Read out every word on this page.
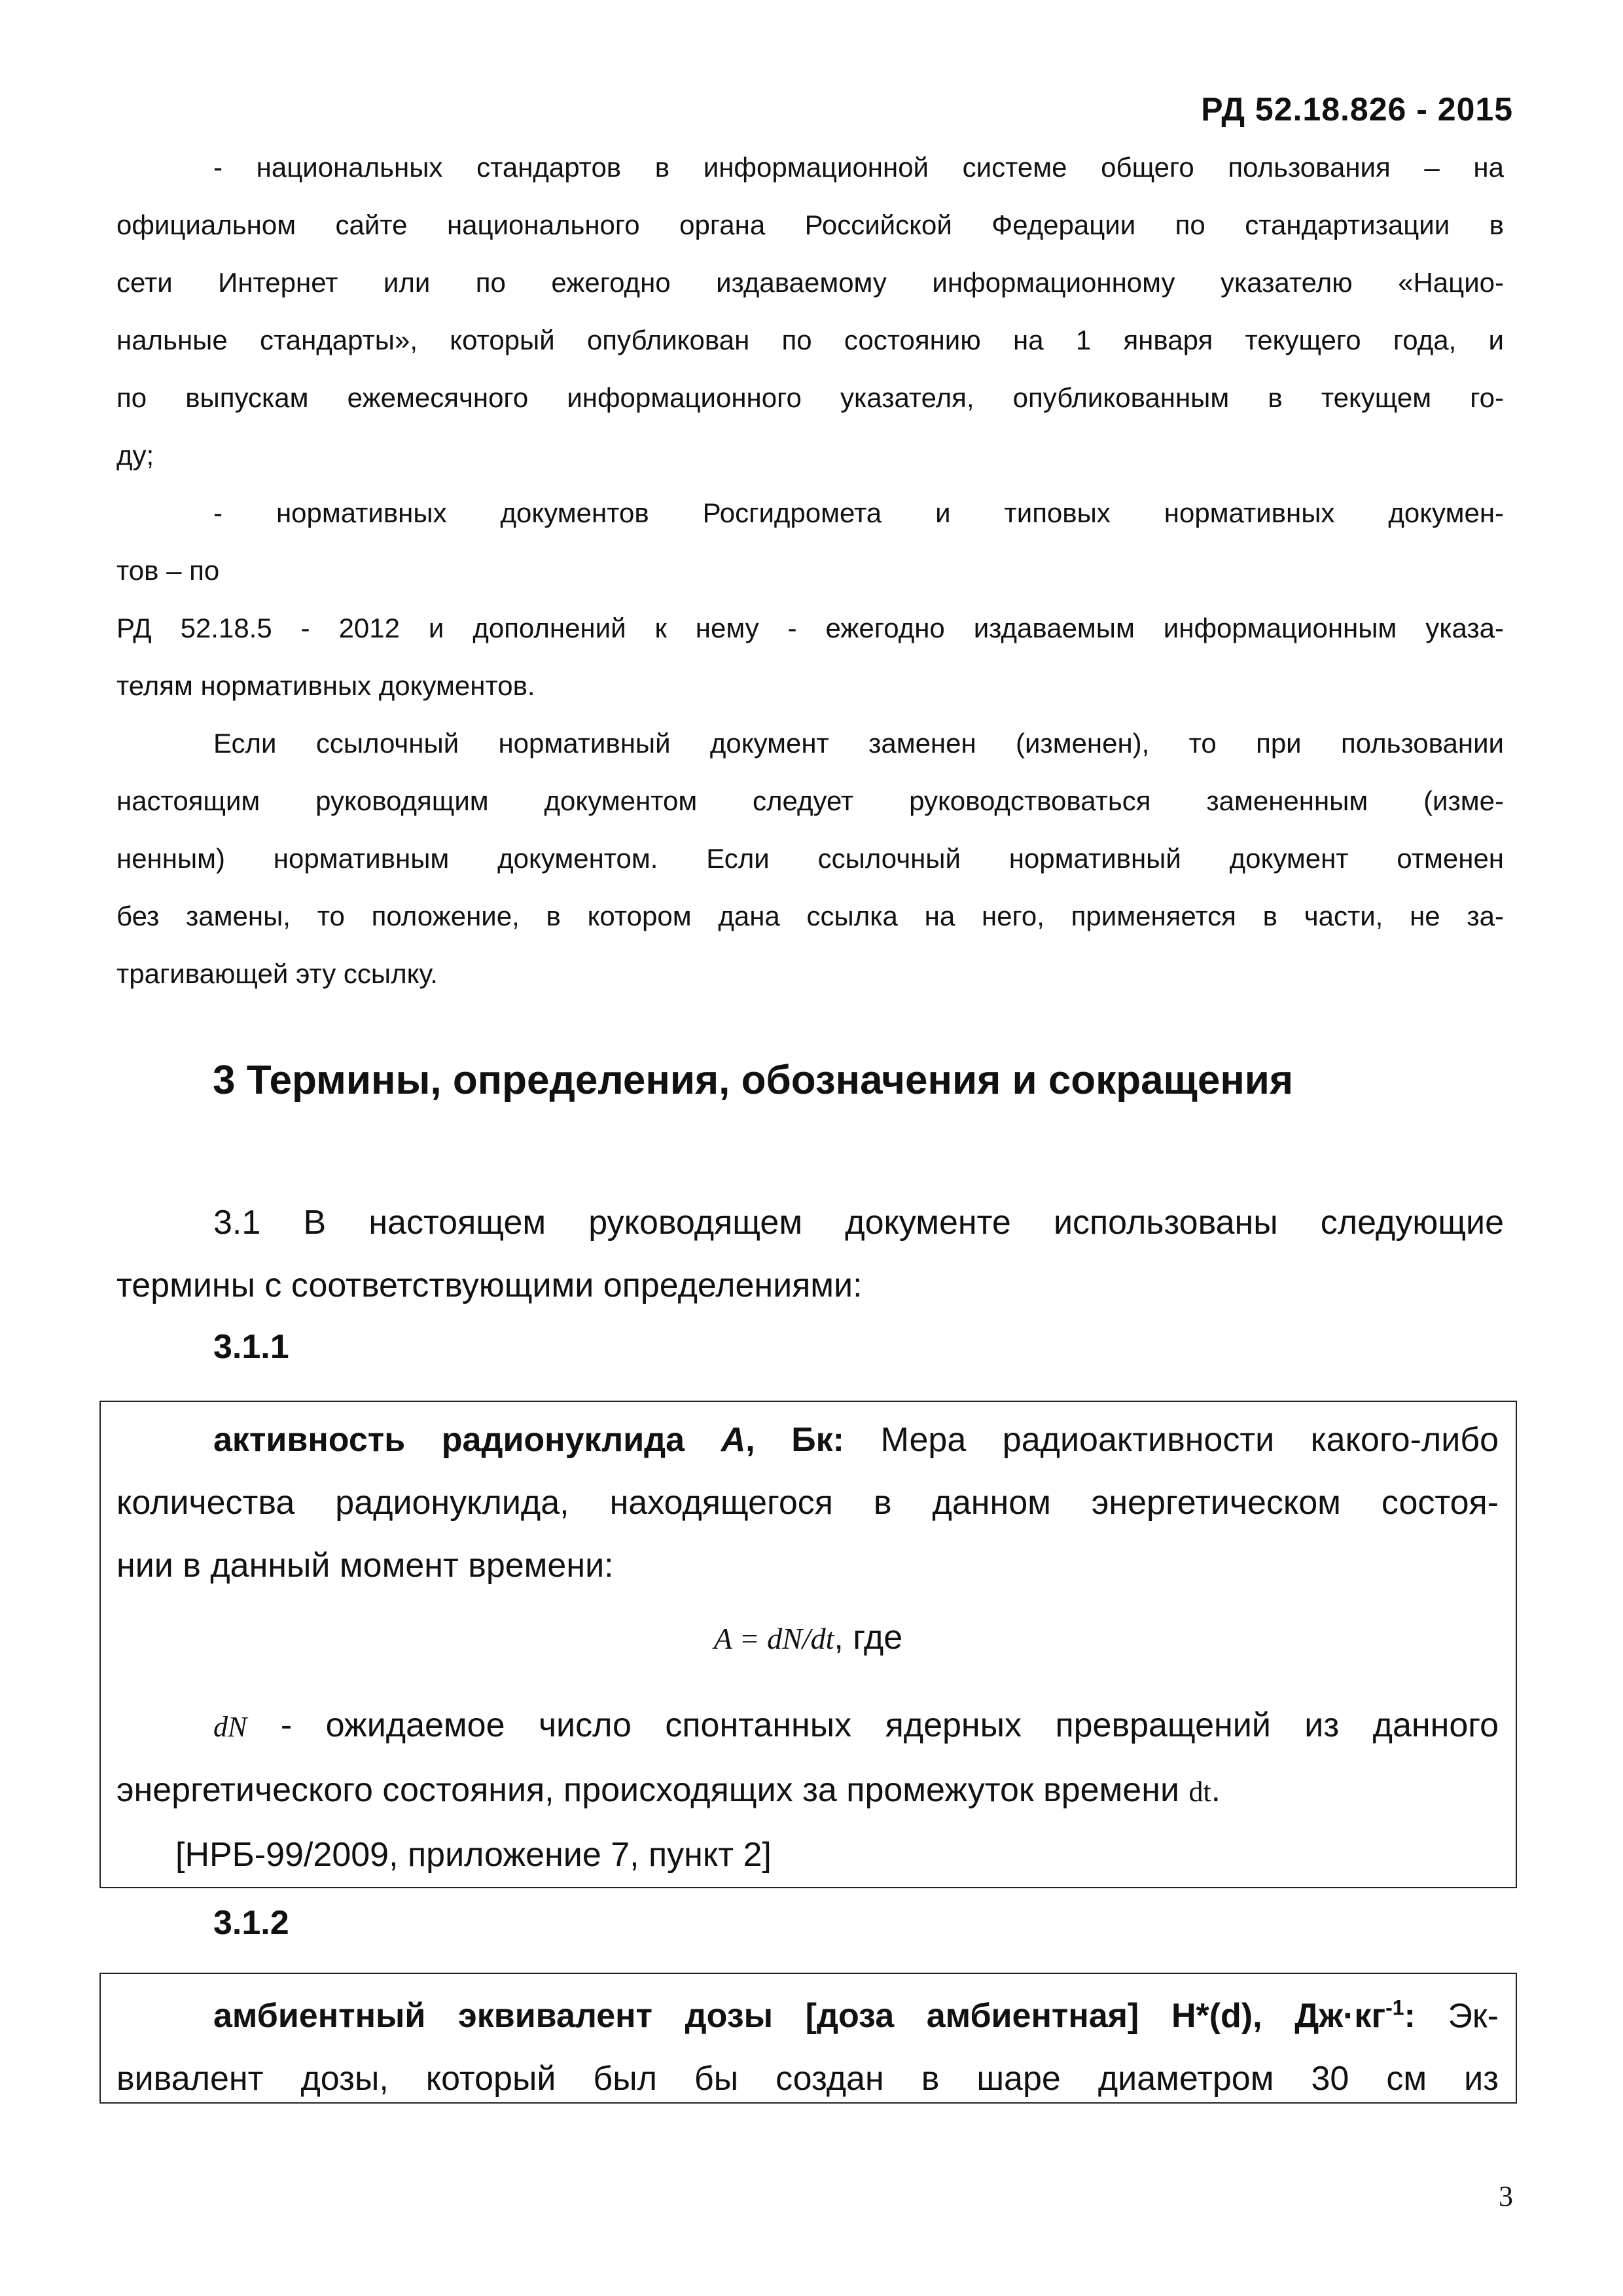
РД 52.18.826 - 2015
- национальных стандартов в информационной системе общего пользования – на
официальном сайте национального органа Российской Федерации по стандартизации в
сети Интернет или по ежегодно издаваемому информационному указателю «Нацио-
нальные стандарты», который опубликован по состоянию на 1 января текущего года, и
по выпускам ежемесячного информационного указателя, опубликованным в текущем го-
ду;
- нормативных документов Росгидромета и типовых нормативных докумен-
тов – по
РД 52.18.5 - 2012 и дополнений к нему - ежегодно издаваемым информационным указа-
телям нормативных документов.
Если ссылочный нормативный документ заменен (изменен), то при пользовании
настоящим руководящим документом следует руководствоваться замененным (изме-
ненным) нормативным документом. Если ссылочный нормативный документ отменен
без замены, то положение, в котором дана ссылка на него, применяется в части, не за-
трагивающей эту ссылку.
3 Термины, определения, обозначения и сокращения
3.1 В настоящем руководящем документе использованы следующие
термины с соответствующими определениями:
3.1.1
активность радионуклида A, Бк: Мера радиоактивности какого-либо
количества радионуклида, находящегося в данном энергетическом состоя-
нии в данный момент времени:
A = dN/dt, где
dN - ожидаемое число спонтанных ядерных превращений из данного
энергетического состояния, происходящих за промежуток времени dt.
[НРБ-99/2009, приложение 7, пункт 2]
3.1.2
амбиентный эквивалент дозы [доза амбиентная] H*(d), $Дж\cdot кг^{-1}$: Эк-
вивалент дозы, который был бы создан в шаре диаметром 30 см из
3
